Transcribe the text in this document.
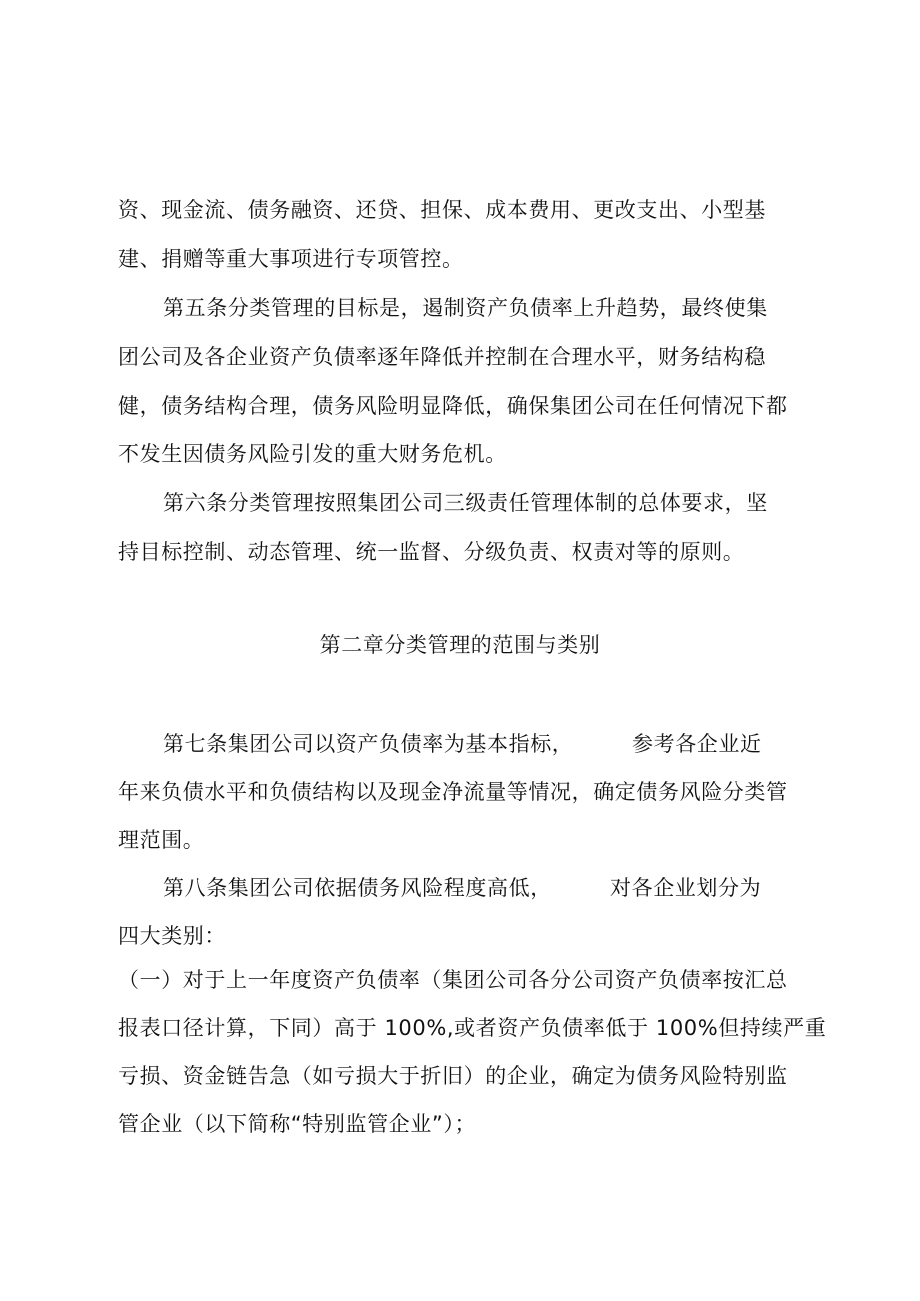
资、现金流、债务融资、还贷、担保、成本费用、更改支出、小型基
建、捐赠等重大事项进行专项管控。
第五条分类管理的目标是，遏制资产负债率上升趋势，最终使集
团公司及各企业资产负债率逐年降低并控制在合理水平，财务结构稳
健，债务结构合理，债务风险明显降低，确保集团公司在任何情况下都
不发生因债务风险引发的重大财务危机。
第六条分类管理按照集团公司三级责任管理体制的总体要求，坚
持目标控制、动态管理、统一监督、分级负责、权责对等的原则。
第二章分类管理的范围与类别
第七条集团公司以资产负债率为基本指标，	参考各企业近
年来负债水平和负债结构以及现金净流量等情况，确定债务风险分类管
理范围。
第八条集团公司依据债务风险程度高低，	对各企业划分为
四大类别：
（一）对于上一年度资产负债率（集团公司各分公司资产负债率按汇总
报表口径计算，下同）高于 100%,或者资产负债率低于 100%但持续严重
亏损、资金链告急（如亏损大于折旧）的企业，确定为债务风险特别监
管企业（以下简称“特别监管企业”）；
